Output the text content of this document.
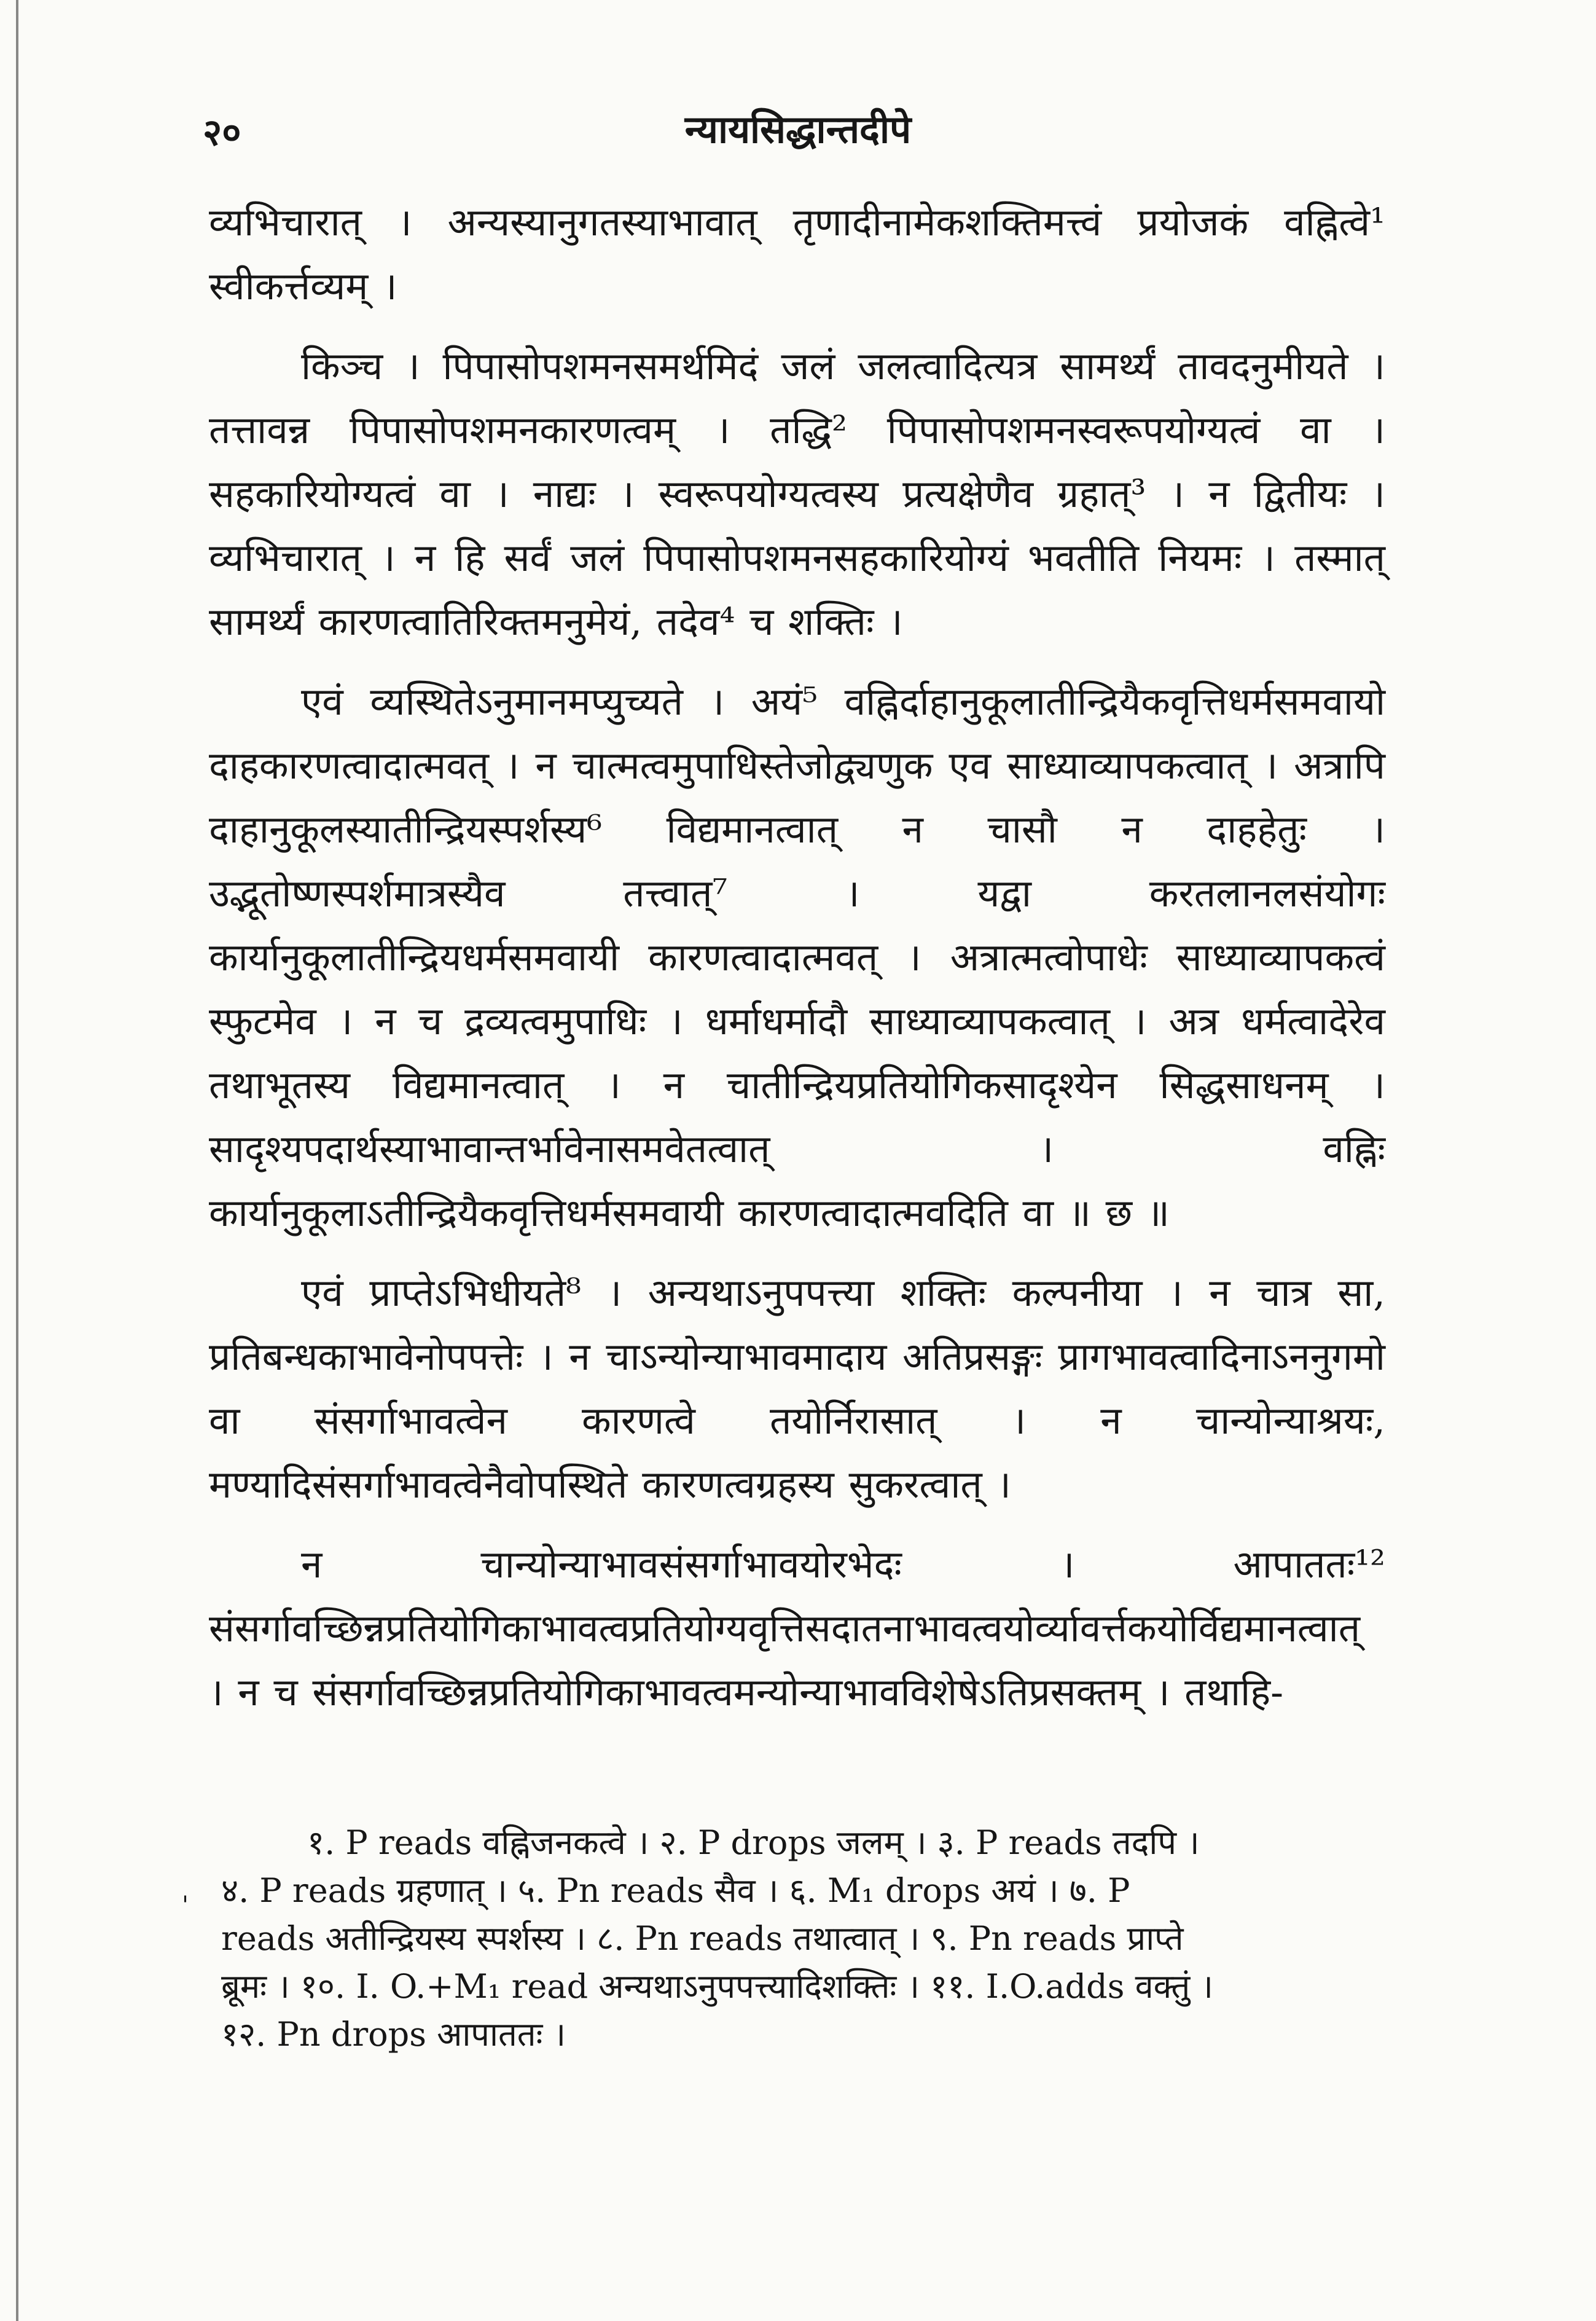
२०	न्यायसिद्धान्तदीपे

व्यभिचारात् । अन्यस्यानुगतस्याभावात् तृणादीनामेकशक्तिमत्त्वं प्रयोजकं वह्नित्वे¹ स्वीकर्त्तव्यम् ।

किञ्च । पिपासोपशमनसमर्थमिदं जलं जलत्वादित्यत्र सामर्थ्यं तावदनुमीयते । तत्तावन्न पिपासोपशमनकारणत्वम् । तद्धि² पिपासोपशमनस्वरूपयोग्यत्वं वा । सहकारियोग्यत्वं वा । नाद्यः । स्वरूपयोग्यत्वस्य प्रत्यक्षेणैव ग्रहात्³ । न द्वितीयः । व्यभिचारात् । न हि सर्वं जलं पिपासोपशमनसहकारियोग्यं भवतीति नियमः । तस्मात् सामर्थ्यं कारणत्वातिरिक्तमनुमेयं, तदेव⁴ च शक्तिः ।

एवं व्यस्थितेऽनुमानमप्युच्यते । अयं⁵ वह्निर्दाहानुकूलातीन्द्रियैकवृत्तिधर्मसमवायो दाहकारणत्वादात्मवत् । न चात्मत्वमुपाधिस्तेजोद्व्यणुक एव साध्याव्यापकत्वात् । अत्रापि दाहानुकूलस्यातीन्द्रियस्पर्शस्य⁶ विद्यमानत्वात् न चासौ न दाहहेतुः । उद्भूतोष्णस्पर्शमात्रस्यैव तत्त्वात्⁷ । यद्वा करतलानलसंयोगः कार्यानुकूलातीन्द्रियधर्मसमवायी कारणत्वादात्मवत् । अत्रात्मत्वोपाधेः साध्याव्यापकत्वं स्फुटमेव । न च द्रव्यत्वमुपाधिः । धर्माधर्मादौ साध्याव्यापकत्वात् । अत्र धर्मत्वादेरेव तथाभूतस्य विद्यमानत्वात् । न चातीन्द्रियप्रतियोगिकसादृश्येन सिद्धसाधनम् । सादृश्यपदार्थस्याभावान्तर्भावेनासमवेतत्वात् । वह्निः कार्यानुकूलाऽतीन्द्रियैकवृत्तिधर्मसमवायी कारणत्वादात्मवदिति वा ॥ छ ॥

एवं प्राप्तेऽभिधीयते⁸ । अन्यथाऽनुपपत्त्या शक्तिः कल्पनीया । न चात्र सा, प्रतिबन्धकाभावेनोपपत्तेः । न चाऽन्योन्याभावमादाय अतिप्रसङ्गः प्रागभावत्वादिनाऽननुगमो वा संसर्गाभावत्वेन कारणत्वे तयोर्निरासात् । न चान्योन्याश्रयः, मण्यादिसंसर्गाभावत्वेनैवोपस्थिते कारणत्वग्रहस्य सुकरत्वात् ।

न चान्योन्याभावसंसर्गाभावयोरभेदः । आपाततः¹² संसर्गावच्छिन्नप्रतियोगिकाभावत्वप्रतियोग्यवृत्तिसदातनाभावत्वयोर्व्यावर्त्तकयोर्विद्यमानत्वात् । न च संसर्गावच्छिन्नप्रतियोगिकाभावत्वमन्योन्याभावविशेषेऽतिप्रसक्तम् । तथाहि-

'
१. P reads वह्निजनकत्वे । २. P drops जलम् । ३. P reads तदपि ।
४. P reads ग्रहणात् । ५. Pn reads सैव । ६. M₁ drops अयं । ७. P
reads अतीन्द्रियस्य स्पर्शस्य । ८. Pn reads तथात्वात् । ९. Pn reads प्राप्ते
ब्रूमः । १०. I. O.+M₁ read अन्यथाऽनुपपत्त्यादिशक्तिः । ११. I.O.adds वक्तुं ।
१२. Pn drops आपाततः ।
